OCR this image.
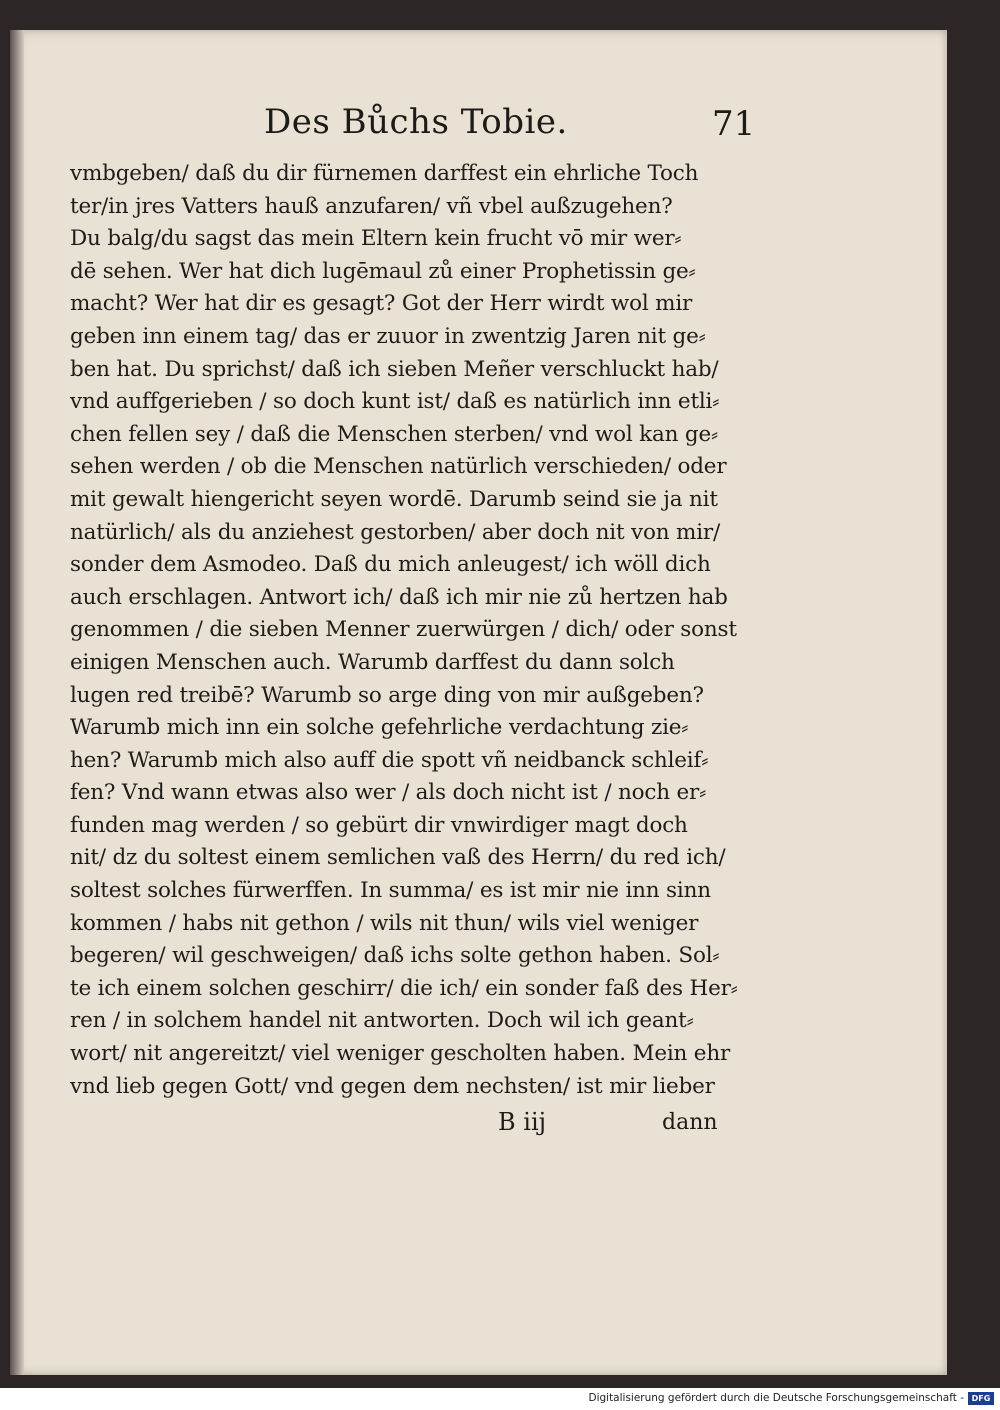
Des Bůchs Tobie.	71
vmbgeben/ daß du dir fürnemen darffest ein ehrliche Toch
ter/in jres Vatters hauß anzufaren/ vñ vbel außzugehen?
Du balg/du sagst das mein Eltern kein frucht vō mir wer⸗
dē sehen. Wer hat dich lugēmaul zů einer Prophetissin ge⸗
macht? Wer hat dir es gesagt? Got der Herr wirdt wol mir
geben inn einem tag/ das er zuuor in zwentzig Jaren nit ge⸗
ben hat. Du sprichst/ daß ich sieben Meñer verschluckt hab/
vnd auffgerieben / so doch kunt ist/ daß es natürlich inn etli⸗
chen fellen sey / daß die Menschen sterben/ vnd wol kan ge⸗
sehen werden / ob die Menschen natürlich verschieden/ oder
mit gewalt hiengericht seyen wordē. Darumb seind sie ja nit
natürlich/ als du anziehest gestorben/ aber doch nit von mir/
sonder dem Asmodeo. Daß du mich anleugest/ ich wöll dich
auch erschlagen. Antwort ich/ daß ich mir nie zů hertzen hab
genommen / die sieben Menner zuerwürgen / dich/ oder sonst
einigen Menschen auch. Warumb darffest du dann solch
lugen red treibē? Warumb so arge ding von mir außgeben?
Warumb mich inn ein solche gefehrliche verdachtung zie⸗
hen? Warumb mich also auff die spott vñ neidbanck schleif⸗
fen? Vnd wann etwas also wer / als doch nicht ist / noch er⸗
funden mag werden / so gebürt dir vnwirdiger magt doch
nit/ dz du soltest einem semlichen vaß des Herrn/ du red ich/
soltest solches fürwerffen. In summa/ es ist mir nie inn sinn
kommen / habs nit gethon / wils nit thun/ wils viel weniger
begeren/ wil geschweigen/ daß ichs solte gethon haben. Sol⸗
te ich einem solchen geschirr/ die ich/ ein sonder faß des Her⸗
ren / in solchem handel nit antworten. Doch wil ich geant⸗
wort/ nit angereitzt/ viel weniger gescholten haben. Mein ehr
vnd lieb gegen Gott/ vnd gegen dem nechsten/ ist mir lieber
B iij	dann
Digitalisierung gefördert durch die Deutsche Forschungsgemeinschaft - DFG
